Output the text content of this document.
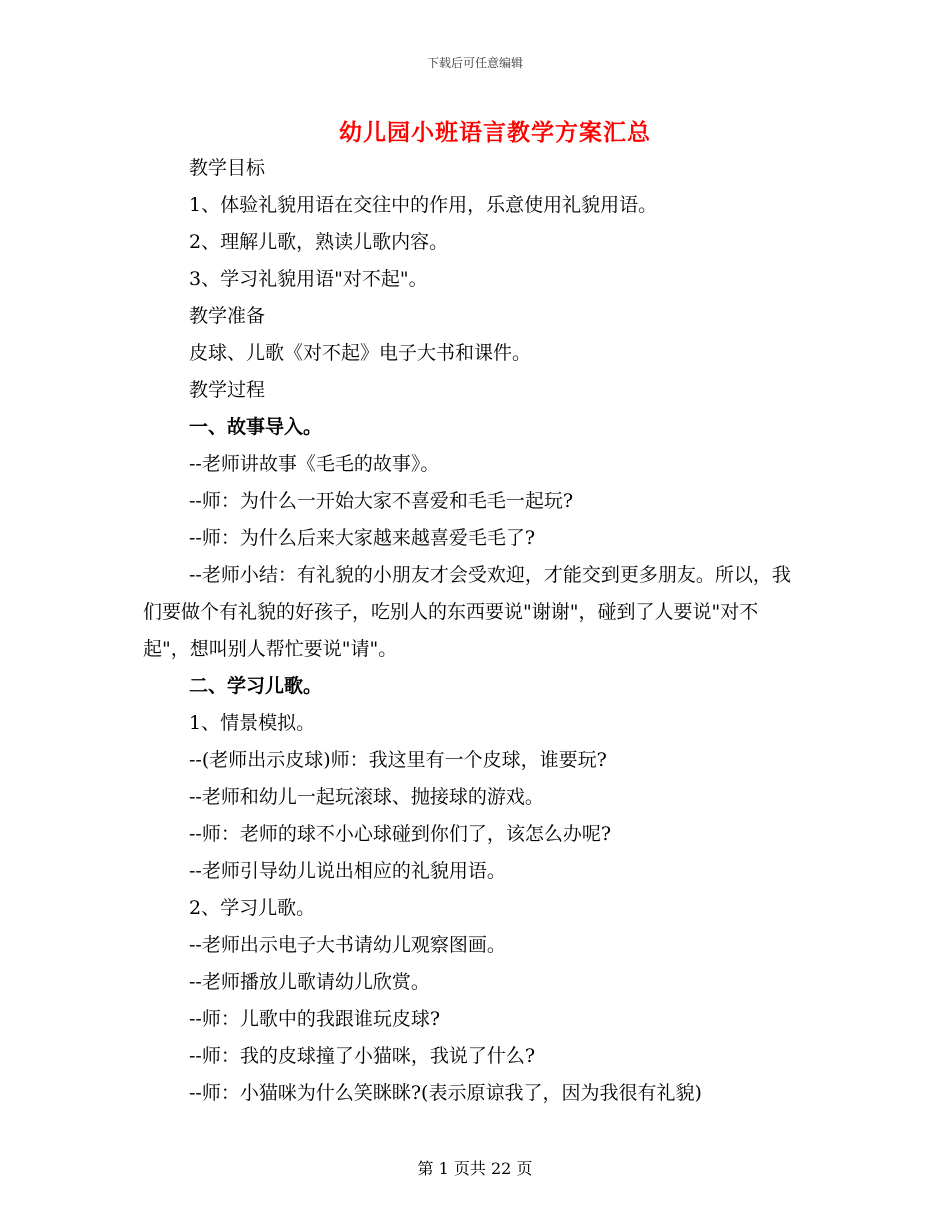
下载后可任意编辑
幼儿园小班语言教学方案汇总

教学目标

1、体验礼貌用语在交往中的作用，乐意使用礼貌用语。

2、理解儿歌，熟读儿歌内容。

3、学习礼貌用语"对不起"。

教学准备

皮球、儿歌《对不起》电子大书和课件。

教学过程

一、故事导入。

--老师讲故事《毛毛的故事》。

--师：为什么一开始大家不喜爱和毛毛一起玩?

--师：为什么后来大家越来越喜爱毛毛了?

--老师小结：有礼貌的小朋友才会受欢迎，才能交到更多朋友。所以，我们要做个有礼貌的好孩子，吃别人的东西要说"谢谢"，碰到了人要说"对不起"，想叫别人帮忙要说"请"。

二、学习儿歌。

1、情景模拟。

--(老师出示皮球)师：我这里有一个皮球，谁要玩?

--老师和幼儿一起玩滚球、抛接球的游戏。

--师：老师的球不小心球碰到你们了，该怎么办呢?

--老师引导幼儿说出相应的礼貌用语。

2、学习儿歌。

--老师出示电子大书请幼儿观察图画。

--老师播放儿歌请幼儿欣赏。

--师：儿歌中的我跟谁玩皮球?

--师：我的皮球撞了小猫咪，我说了什么?

--师：小猫咪为什么笑眯眯?(表示原谅我了，因为我很有礼貌)

第 1 页共 22 页
